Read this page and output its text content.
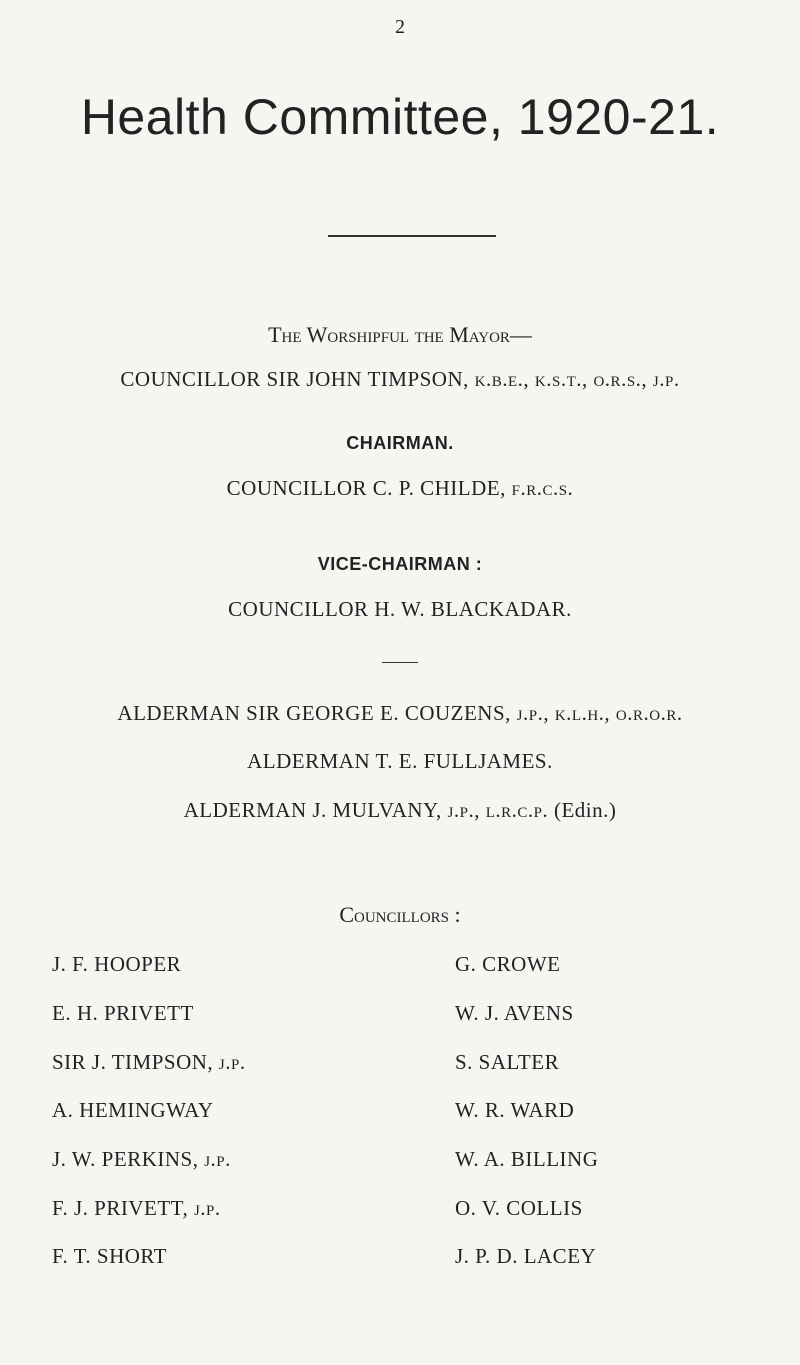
2
Health Committee, 1920-21.
The Worshipful the Mayor—
COUNCILLOR SIR JOHN TIMPSON, k.b.e., k.s.t., o.r.s., j.p.
CHAIRMAN.
COUNCILLOR C. P. CHILDE, f.r.c.s.
VICE-CHAIRMAN :
COUNCILLOR H. W. BLACKADAR.
ALDERMAN SIR GEORGE E. COUZENS, j.p., k.l.h., o.r.o.r.
ALDERMAN T. E. FULLJAMES.
ALDERMAN J. MULVANY, j.p., l.r.c.p. (Edin.)
Councillors :
J. F. HOOPER
E. H. PRIVETT
SIR J. TIMPSON, j.p.
A. HEMINGWAY
J. W. PERKINS, j.p.
F. J. PRIVETT, j.p.
F. T. SHORT
G. CROWE
W. J. AVENS
S. SALTER
W. R. WARD
W. A. BILLING
O. V. COLLIS
J. P. D. LACEY
